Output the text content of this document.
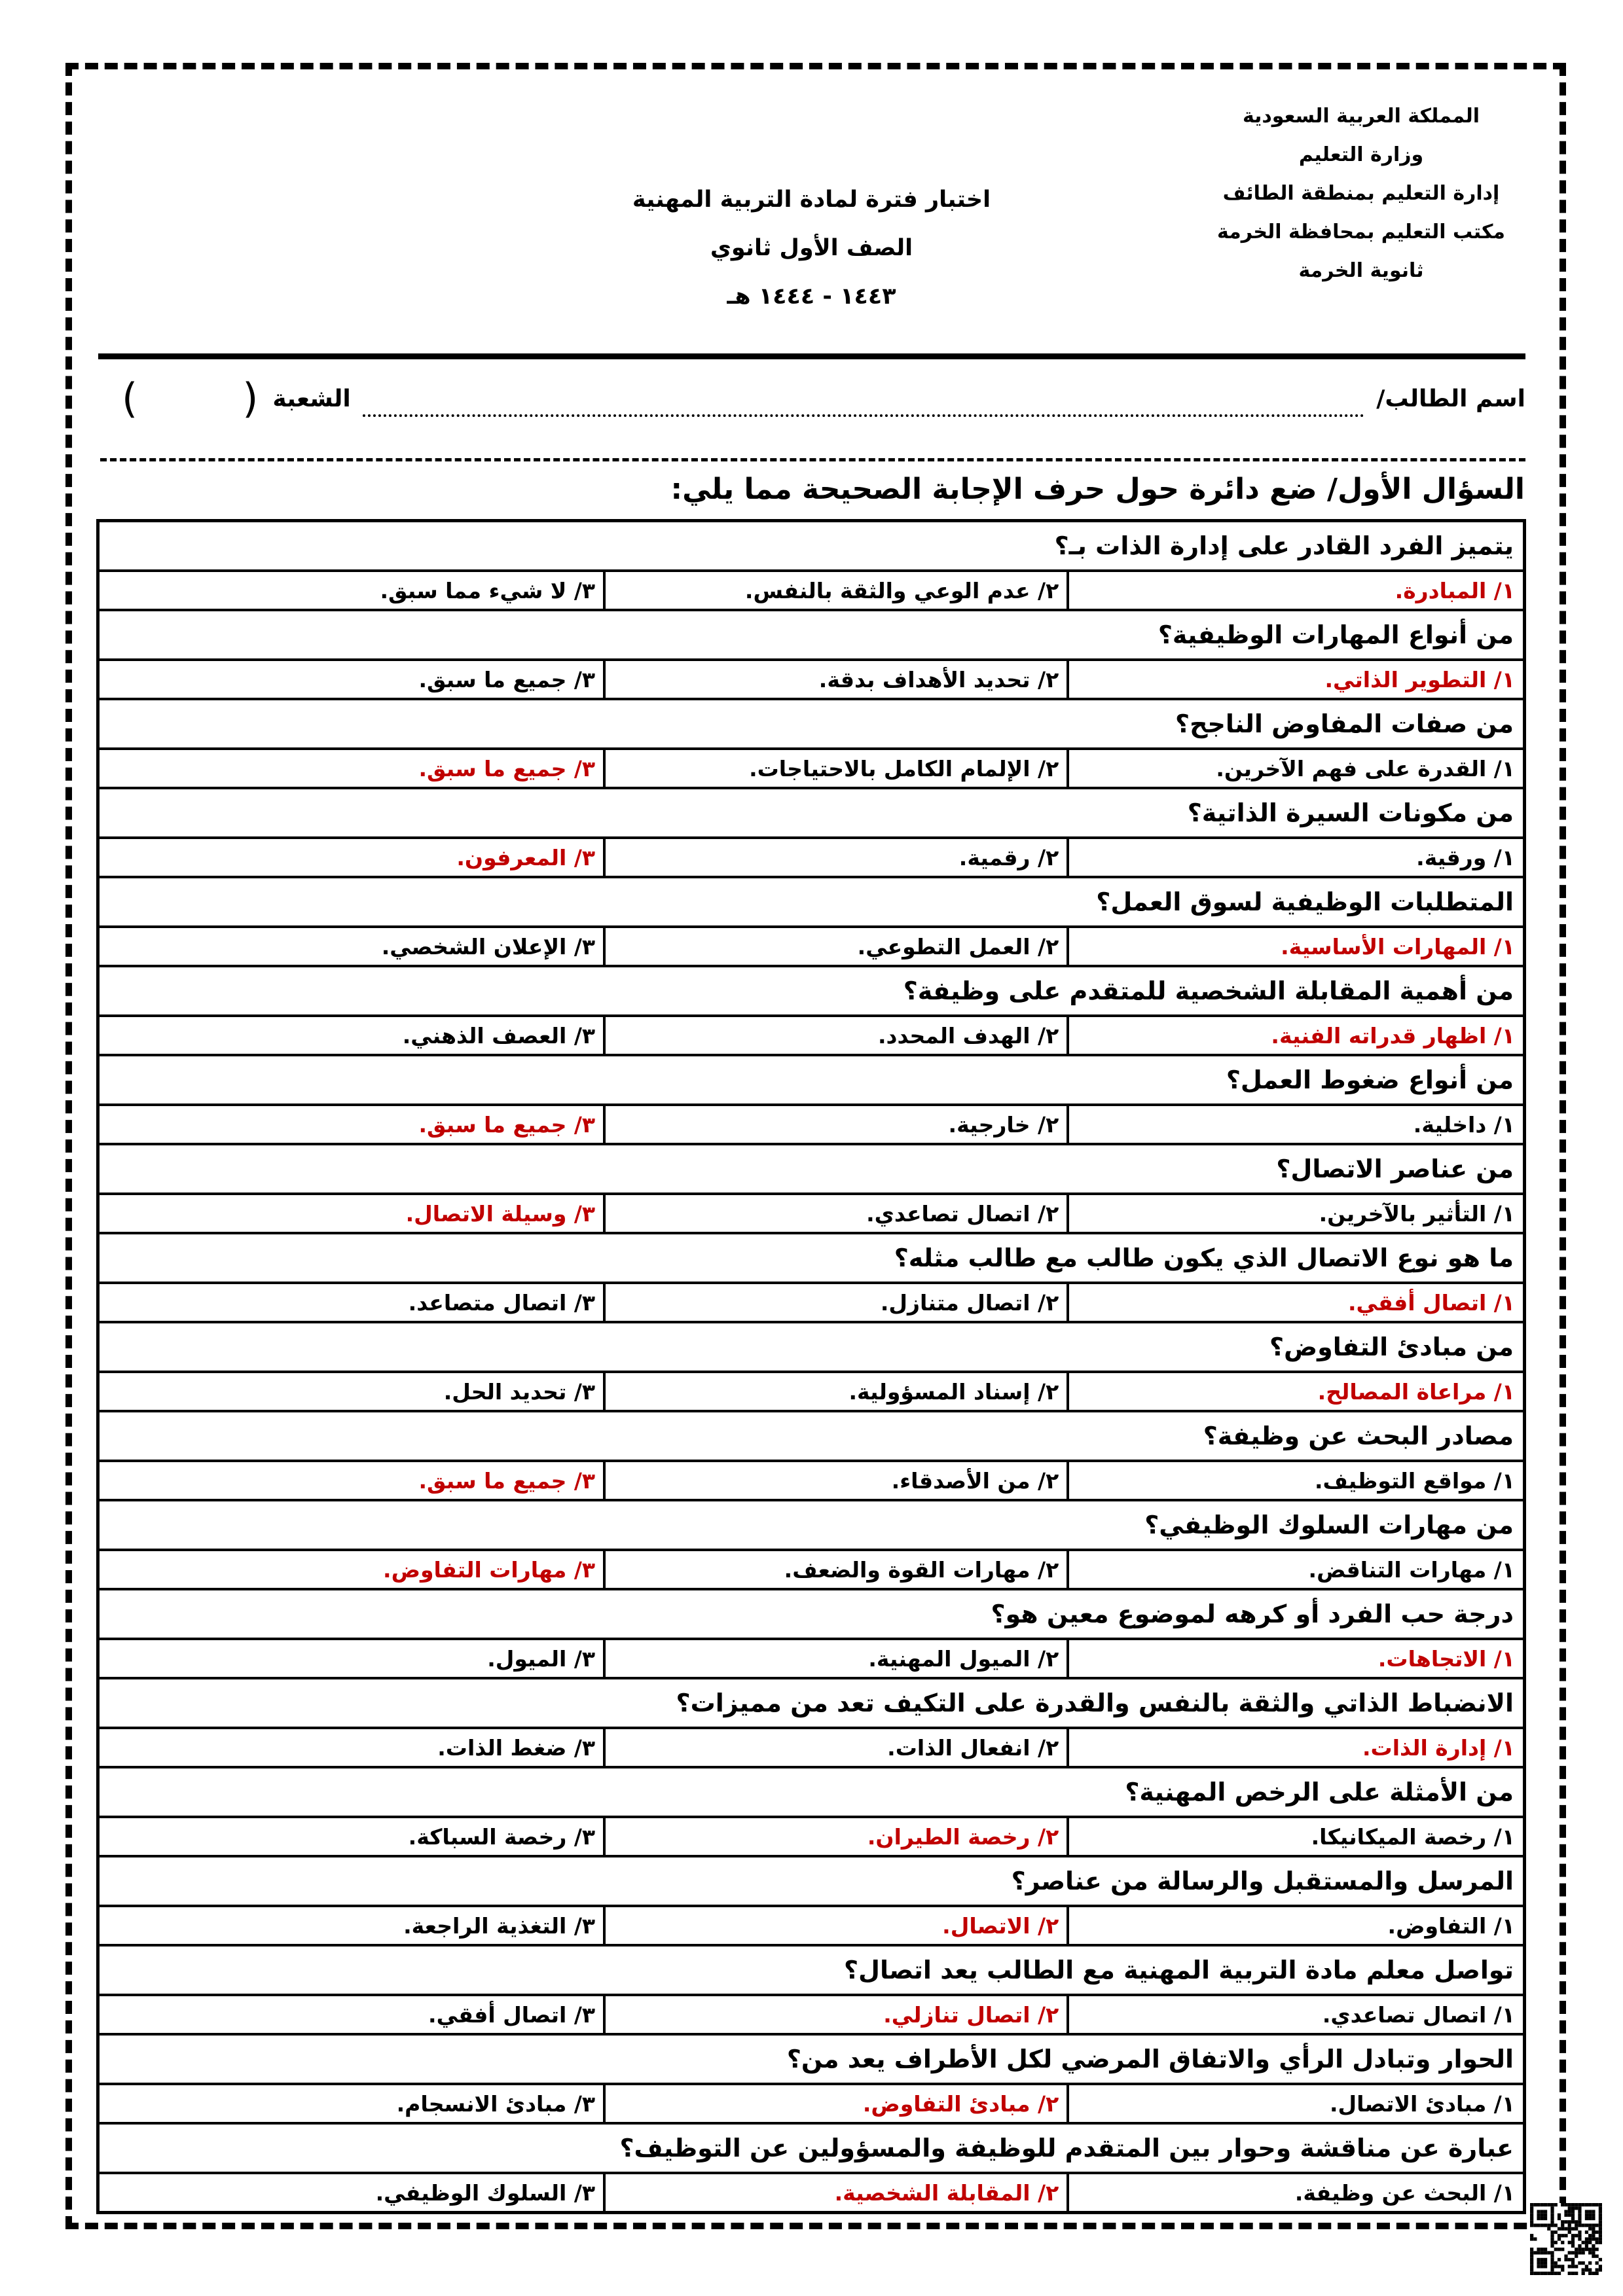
المملكة العربية السعودية
وزارة التعليم
إدارة التعليم بمنطقة الطائف
مكتب التعليم بمحافظة الخرمة
ثانوية الخرمة
اختبار فترة لمادة التربية المهنية
الصف الأول ثانوي
١٤٤٣ - ١٤٤٤ هـ
اسم الطالب/
الشعبة
(
)
السؤال الأول/ ضع دائرة حول حرف الإجابة الصحيحة مما يلي:
يتميز الفرد القادر على إدارة الذات بـ؟		
١/ المبادرة.	٢/ عدم الوعي والثقة بالنفس.	٣/ لا شيء مما سبق.
من أنواع المهارات الوظيفية؟		
١/ التطوير الذاتي.	٢/ تحديد الأهداف بدقة.	٣/ جميع ما سبق.
من صفات المفاوض الناجح؟		
١/ القدرة على فهم الآخرين.	٢/ الإلمام الكامل بالاحتياجات.	٣/ جميع ما سبق.
من مكونات السيرة الذاتية؟		
١/ ورقية.	٢/ رقمية.	٣/ المعرفون.
المتطلبات الوظيفية لسوق العمل؟		
١/ المهارات الأساسية.	٢/ العمل التطوعي.	٣/ الإعلان الشخصي.
من أهمية المقابلة الشخصية للمتقدم على وظيفة؟		
١/ اظهار قدراته الفنية.	٢/ الهدف المحدد.	٣/ العصف الذهني.
من أنواع ضغوط العمل؟		
١/ داخلية.	٢/ خارجية.	٣/ جميع ما سبق.
من عناصر الاتصال؟		
١/ التأثير بالآخرين.	٢/ اتصال تصاعدي.	٣/ وسيلة الاتصال.
ما هو نوع الاتصال الذي يكون طالب مع طالب مثله؟		
١/ اتصال أفقي.	٢/ اتصال متنازل.	٣/ اتصال متصاعد.
من مبادئ التفاوض؟		
١/ مراعاة المصالح.	٢/ إسناد المسؤولية.	٣/ تحديد الحل.
مصادر البحث عن وظيفة؟		
١/ مواقع التوظيف.	٢/ من الأصدقاء.	٣/ جميع ما سبق.
من مهارات السلوك الوظيفي؟		
١/ مهارات التناقض.	٢/ مهارات القوة والضعف.	٣/ مهارات التفاوض.
درجة حب الفرد أو كرهه لموضوع معين هو؟		
١/ الاتجاهات.	٢/ الميول المهنية.	٣/ الميول.
الانضباط الذاتي والثقة بالنفس والقدرة على التكيف تعد من مميزات؟		
١/ إدارة الذات.	٢/ انفعال الذات.	٣/ ضغط الذات.
من الأمثلة على الرخص المهنية؟		
١/ رخصة الميكانيكا.	٢/ رخصة الطيران.	٣/ رخصة السباكة.
المرسل والمستقبل والرسالة من عناصر؟		
١/ التفاوض.	٢/ الاتصال.	٣/ التغذية الراجعة.
تواصل معلم مادة التربية المهنية مع الطالب يعد اتصال؟		
١/ اتصال تصاعدي.	٢/ اتصال تنازلي.	٣/ اتصال أفقي.
الحوار وتبادل الرأي والاتفاق المرضي لكل الأطراف يعد من؟		
١/ مبادئ الاتصال.	٢/ مبادئ التفاوض.	٣/ مبادئ الانسجام.
عبارة عن مناقشة وحوار بين المتقدم للوظيفة والمسؤولين عن التوظيف؟		
١/ البحث عن وظيفة.	٢/ المقابلة الشخصية.	٣/ السلوك الوظيفي.
